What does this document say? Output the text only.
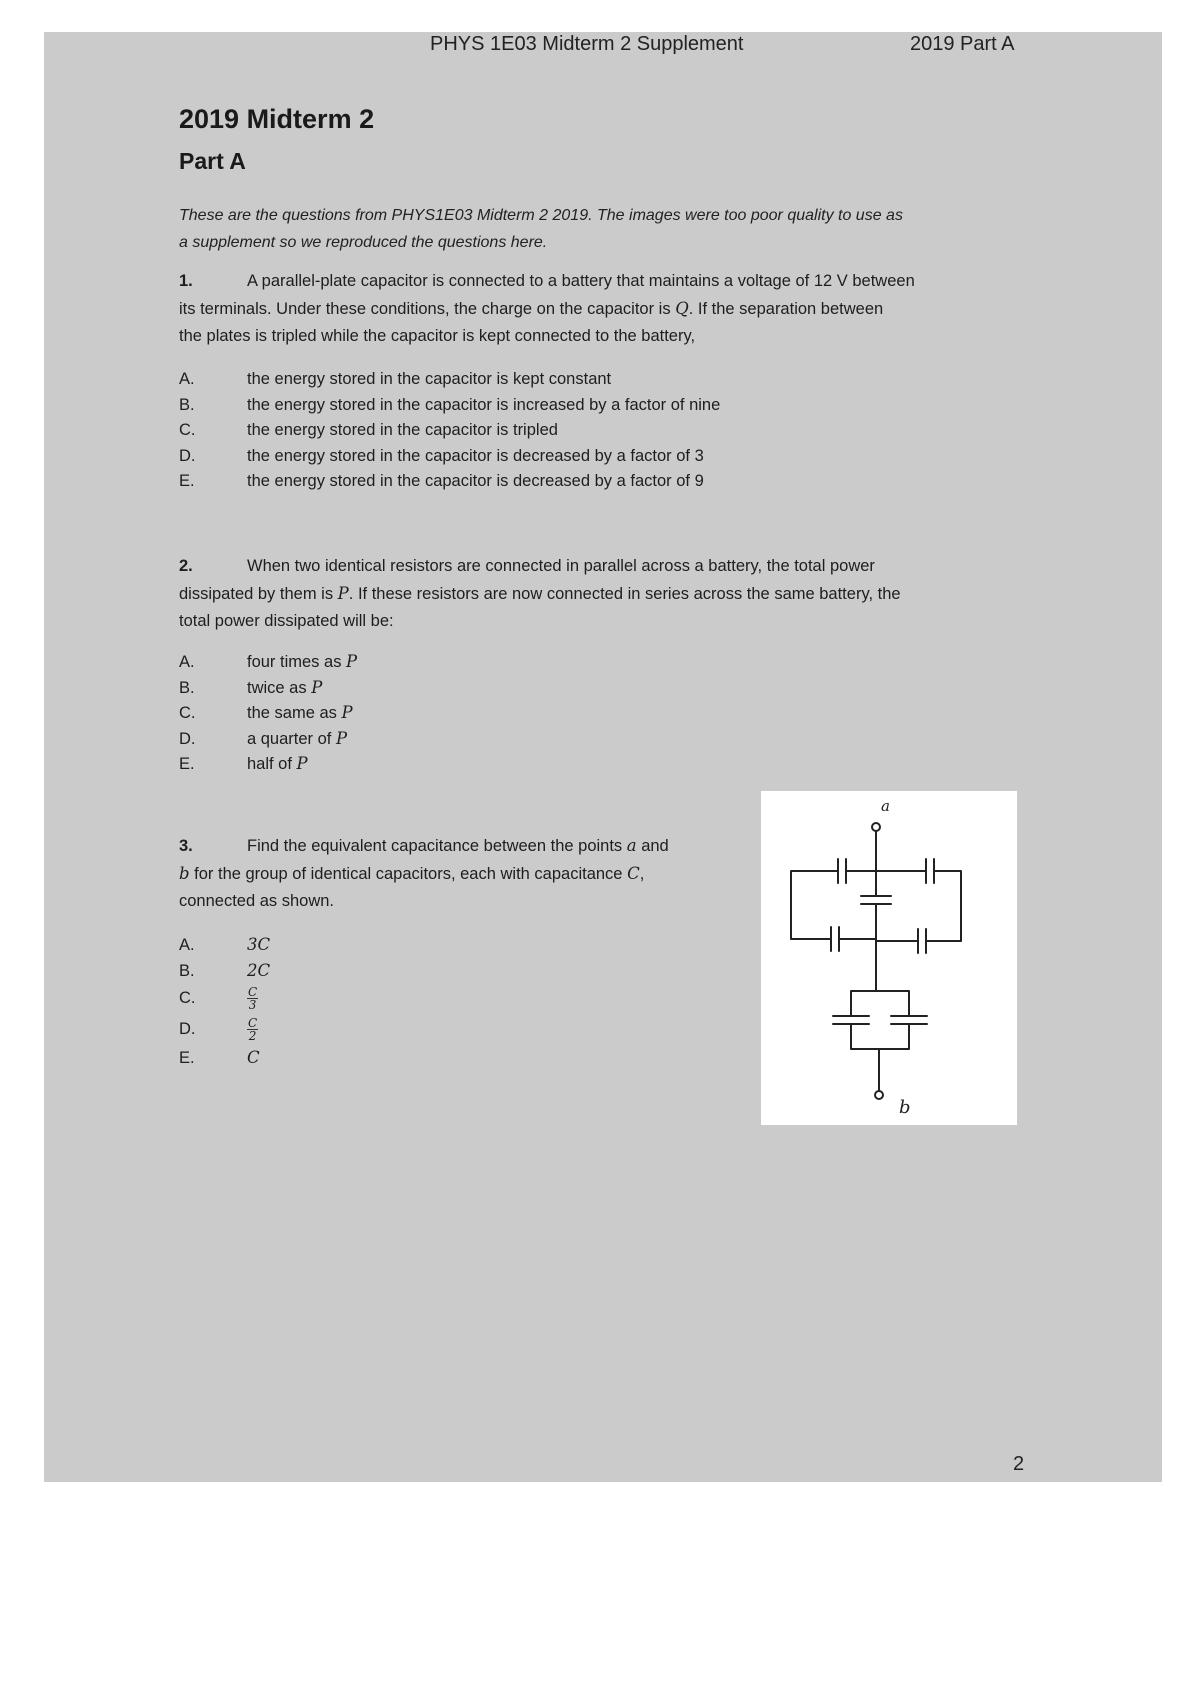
PHYS 1E03 Midterm 2 Supplement	2019 Part A
2019 Midterm 2
Part A
These are the questions from PHYS1E03 Midterm 2 2019. The images were too poor quality to use as
a supplement so we reproduced the questions here.
1.	A parallel-plate capacitor is connected to a battery that maintains a voltage of 12 V between
its terminals. Under these conditions, the charge on the capacitor is Q. If the separation between
the plates is tripled while the capacitor is kept connected to the battery,
A.	the energy stored in the capacitor is kept constant
B.	the energy stored in the capacitor is increased by a factor of nine
C.	the energy stored in the capacitor is tripled
D.	the energy stored in the capacitor is decreased by a factor of 3
E.	the energy stored in the capacitor is decreased by a factor of 9
2.	When two identical resistors are connected in parallel across a battery, the total power
dissipated by them is P. If these resistors are now connected in series across the same battery, the
total power dissipated will be:
A.	four times as P
B.	twice as P
C.	the same as P
D.	a quarter of P
E.	half of P
3.	Find the equivalent capacitance between the points a and
b for the group of identical capacitors, each with capacitance C,
connected as shown.
A.	3C
B.	2C
C.	$\frac{C}{3}$
D.	$\frac{C}{2}$
E.	C
a
b
2
